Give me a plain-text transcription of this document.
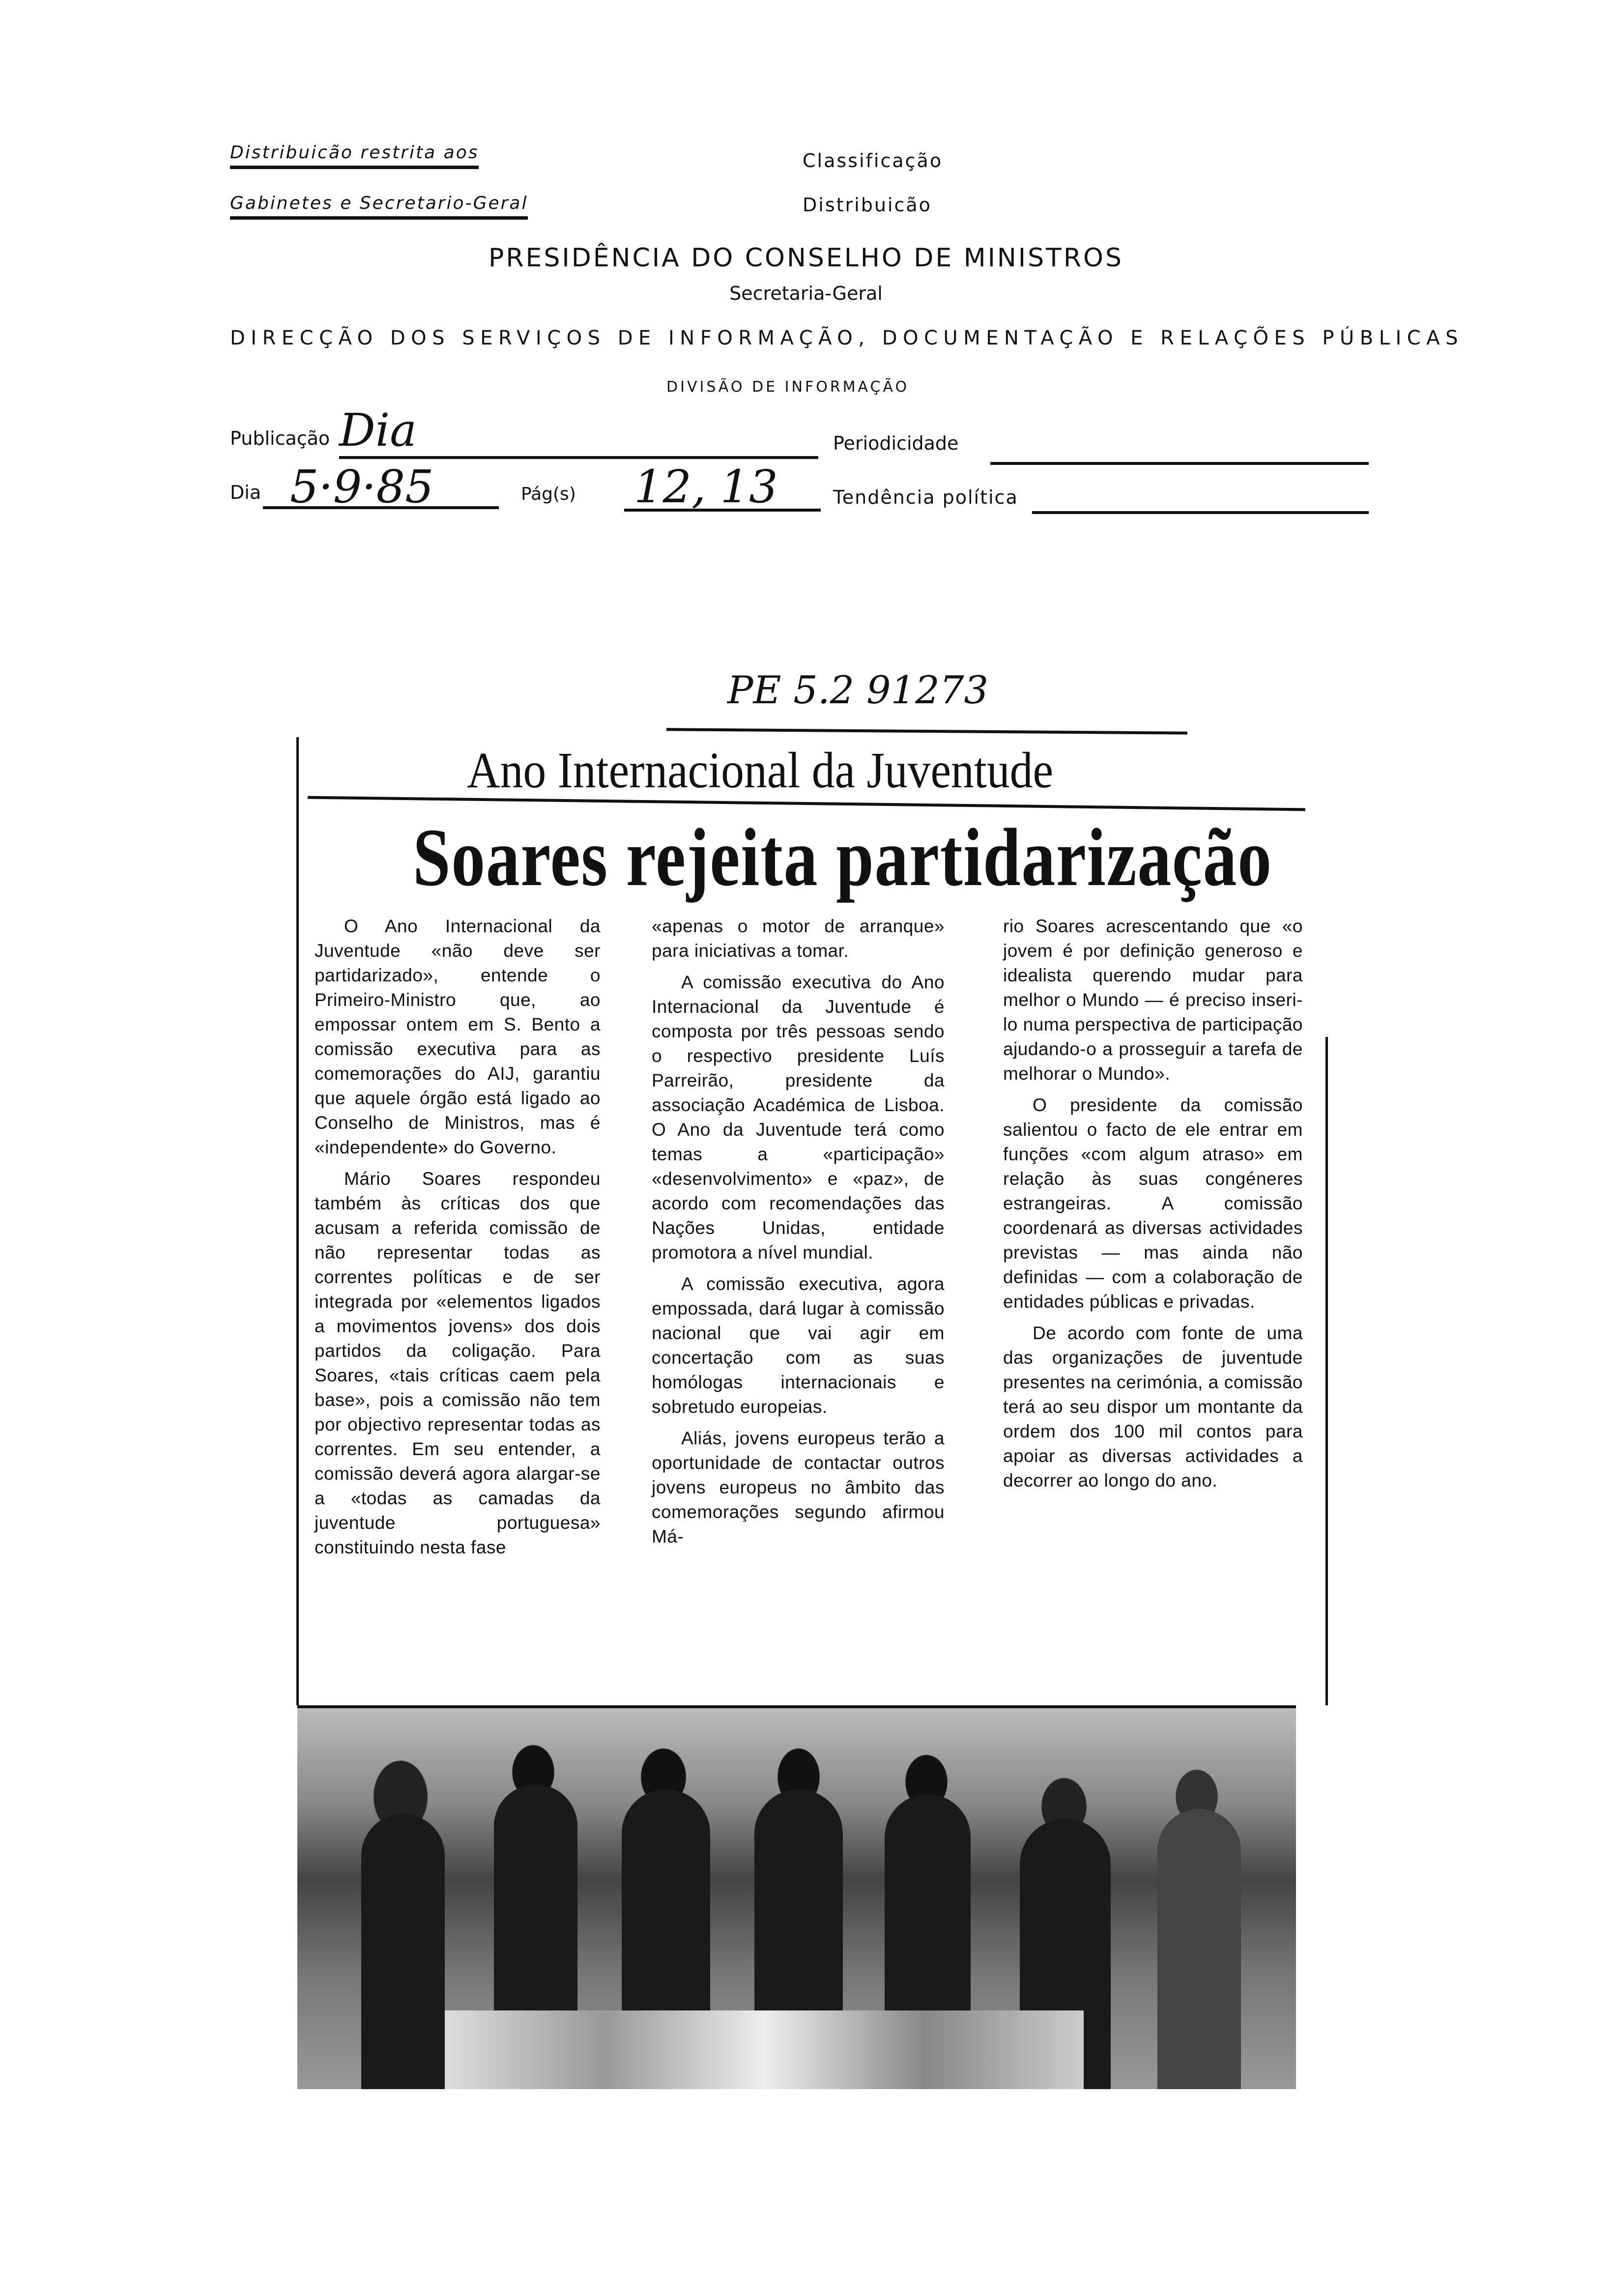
Distribuicão restrita aos
Gabinetes e Secretario-Geral
Classificação
Distribuicão
PRESIDÊNCIA DO CONSELHO DE MINISTROS
Secretaria-Geral
DIRECÇÃO DOS SERVIÇOS DE INFORMAÇÃO, DOCUMENTAÇÃO E RELAÇÕES PÚBLICAS
DIVISÃO DE INFORMAÇÃO
Publicação Dia	Periodicidade
Dia 5·9·85	Pág(s) 12, 13	Tendência política
PE 5.2 91273
Ano Internacional da Juventude
Soares rejeita partidarização

O Ano Internacional da Juventude «não deve ser partidarizado», entende o Primeiro-Ministro que, ao empossar ontem em S. Bento a comissão executiva para as comemorações do AIJ, garantiu que aquele órgão está ligado ao Conselho de Ministros, mas é «independente» do Governo.

Mário Soares respondeu também às críticas dos que acusam a referida comissão de não representar todas as correntes políticas e de ser integrada por «elementos ligados a movimentos jovens» dos dois partidos da coligação. Para Soares, «tais críticas caem pela base», pois a comissão não tem por objectivo representar todas as correntes. Em seu entender, a comissão deverá agora alargar-se a «todas as camadas da juventude portuguesa» constituindo nesta fase

«apenas o motor de arranque» para iniciativas a tomar.

A comissão executiva do Ano Internacional da Juventude é composta por três pessoas sendo o respectivo presidente Luís Parreirão, presidente da associação Académica de Lisboa. O Ano da Juventude terá como temas a «participação» «desenvolvimento» e «paz», de acordo com recomendações das Nações Unidas, entidade promotora a nível mundial.

A comissão executiva, agora empossada, dará lugar à comissão nacional que vai agir em concertação com as suas homólogas internacionais e sobretudo europeias.

Aliás, jovens europeus terão a oportunidade de contactar outros jovens europeus no âmbito das comemorações segundo afirmou Má-

rio Soares acrescentando que «o jovem é por definição generoso e idealista querendo mudar para melhor o Mundo — é preciso inseri-lo numa perspectiva de participação ajudando-o a prosseguir a tarefa de melhorar o Mundo».

O presidente da comissão salientou o facto de ele entrar em funções «com algum atraso» em relação às suas congéneres estrangeiras. A comissão coordenará as diversas actividades previstas — mas ainda não definidas — com a colaboração de entidades públicas e privadas.

De acordo com fonte de uma das organizações de juventude presentes na cerimónia, a comissão terá ao seu dispor um montante da ordem dos 100 mil contos para apoiar as diversas actividades a decorrer ao longo do ano.
